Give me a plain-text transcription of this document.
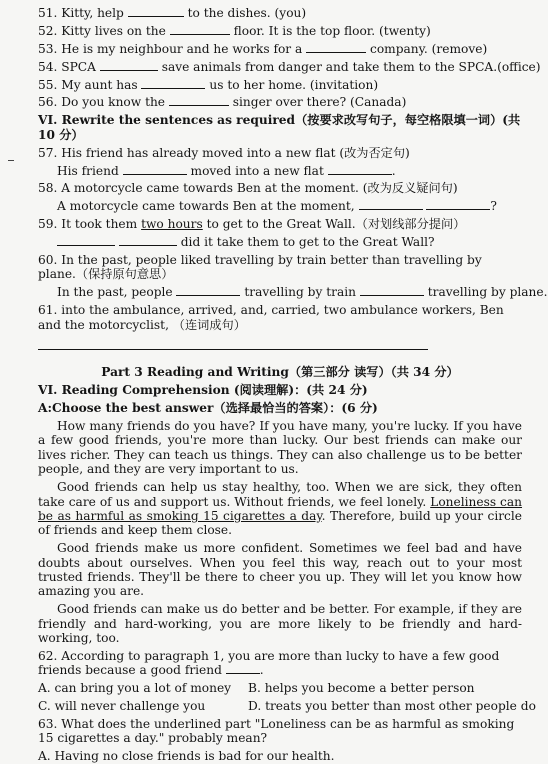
51. Kitty, help	to the dishes. (you)
52. Kitty lives on the	floor. It is the top floor. (twenty)
53. He is my neighbour and he works for a	company. (remove)
54. SPCA	save animals from danger and take them to the SPCA.(office)
55. My aunt has	us to her home. (invitation)
56. Do you know the	singer over there? (Canada)
VI. Rewrite the sentences as required（按要求改写句子，每空格限填一词）(共 10 分）
57. His friend has already moved into a new flat (改为否定句)
His friend	moved into a new flat	.
58. A motorcycle came towards Ben at the moment. (改为反义疑问句)
A motorcycle came towards Ben at the moment,	?
59. It took them two hours to get to the Great Wall.（对划线部分提问）
did it take them to get to the Great Wall?
60. In the past, people liked travelling by train better than travelling by plane.（保持原句意思）
In the past, people	travelling by train	travelling by plane.
61. into the ambulance, arrived, and, carried, two ambulance workers, Ben and the motorcyclist, （连词成句）
Part 3 Reading and Writing（第三部分 读写）（共 34 分）
VI. Reading Comprehension (阅读理解)：(共 24 分)
A:Choose the best answer（选择最恰当的答案）：(6 分)
How many friends do you have? If you have many, you're lucky. If you have a few good friends, you're more than lucky. Our best friends can make our lives richer. They can teach us things. They can also challenge us to be better people, and they are very important to us.
Good friends can help us stay healthy, too. When we are sick, they often take care of us and support us. Without friends, we feel lonely. Loneliness can be as harmful as smoking 15 cigarettes a day. Therefore, build up your circle of friends and keep them close.
Good friends make us more confident. Sometimes we feel bad and have doubts about ourselves. When you feel this way, reach out to your most trusted friends. They'll be there to cheer you up. They will let you know how amazing you are.
Good friends can make us do better and be better. For example, if they are friendly and hard-working, you are more likely to be friendly and hard-working, too.
62. According to paragraph 1, you are more than lucky to have a few good friends because a good friend	.
A. can bring you a lot of money B. helps you become a better person
C. will never challenge you	D. treats you better than most other people do
63. What does the underlined part "Loneliness can be as harmful as smoking 15 cigarettes a day." probably mean?
A. Having no close friends is bad for our health.
